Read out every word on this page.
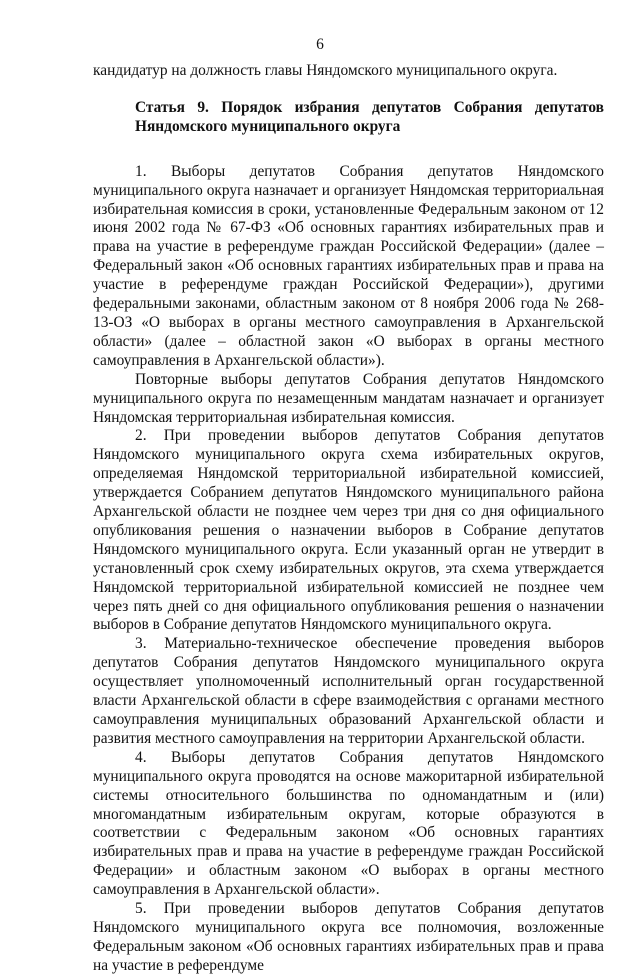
6

кандидатур на должность главы Няндомского муниципального округа.

Статья 9. Порядок избрания депутатов Собрания депутатов Няндомского муниципального округа

1. Выборы депутатов Собрания депутатов Няндомского муниципального округа назначает и организует Няндомская территориальная избирательная комиссия в сроки, установленные Федеральным законом от 12 июня 2002 года № 67-ФЗ «Об основных гарантиях избирательных прав и права на участие в референдуме граждан Российской Федерации» (далее – Федеральный закон «Об основных гарантиях избирательных прав и права на участие в референдуме граждан Российской Федерации»), другими федеральными законами, областным законом от 8 ноября 2006 года № 268-13-ОЗ «О выборах в органы местного самоуправления в Архангельской области» (далее – областной закон «О выборах в органы местного самоуправления в Архангельской области»).

Повторные выборы депутатов Собрания депутатов Няндомского муниципального округа по незамещенным мандатам назначает и организует Няндомская территориальная избирательная комиссия.

2. При проведении выборов депутатов Собрания депутатов Няндомского муниципального округа схема избирательных округов, определяемая Няндомской территориальной избирательной комиссией, утверждается Собранием депутатов Няндомского муниципального района Архангельской области не позднее чем через три дня со дня официального опубликования решения о назначении выборов в Собрание депутатов Няндомского муниципального округа. Если указанный орган не утвердит в установленный срок схему избирательных округов, эта схема утверждается Няндомской территориальной избирательной комиссией не позднее чем через пять дней со дня официального опубликования решения о назначении выборов в Собрание депутатов Няндомского муниципального округа.

3. Материально-техническое обеспечение проведения выборов депутатов Собрания депутатов Няндомского муниципального округа осуществляет уполномоченный исполнительный орган государственной власти Архангельской области в сфере взаимодействия с органами местного самоуправления муниципальных образований Архангельской области и развития местного самоуправления на территории Архангельской области.

4. Выборы депутатов Собрания депутатов Няндомского муниципального округа проводятся на основе мажоритарной избирательной системы относительного большинства по одномандатным и (или) многомандатным избирательным округам, которые образуются в соответствии с Федеральным законом «Об основных гарантиях избирательных прав и права на участие в референдуме граждан Российской Федерации» и областным законом «О выборах в органы местного самоуправления в Архангельской области».

5. При проведении выборов депутатов Собрания депутатов Няндомского муниципального округа все полномочия, возложенные Федеральным законом «Об основных гарантиях избирательных прав и права на участие в референдуме
